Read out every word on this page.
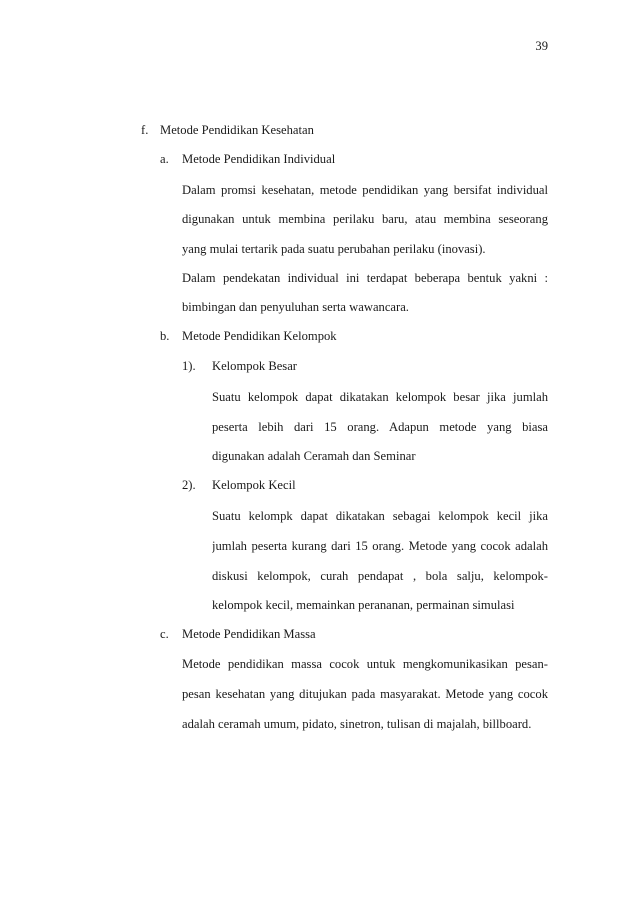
39
f. Metode Pendidikan Kesehatan
a. Metode Pendidikan Individual
Dalam promsi kesehatan, metode pendidikan yang bersifat individual
digunakan untuk membina perilaku baru, atau membina seseorang
yang mulai tertarik pada suatu perubahan perilaku (inovasi).
Dalam pendekatan individual ini terdapat beberapa bentuk yakni :
bimbingan dan penyuluhan serta wawancara.
b. Metode Pendidikan Kelompok
1). Kelompok Besar
Suatu kelompok dapat dikatakan kelompok besar jika jumlah
peserta lebih dari 15 orang. Adapun metode yang biasa
digunakan adalah Ceramah dan Seminar
2). Kelompok Kecil
Suatu kelompk dapat dikatakan sebagai kelompok kecil jika
jumlah peserta kurang dari 15 orang. Metode yang cocok adalah
diskusi kelompok, curah pendapat , bola salju, kelompok-
kelompok kecil, memainkan perananan, permainan simulasi
c. Metode Pendidikan Massa
Metode pendidikan massa cocok untuk mengkomunikasikan pesan-
pesan kesehatan yang ditujukan pada masyarakat. Metode yang cocok
adalah ceramah umum, pidato, sinetron, tulisan di majalah, billboard.
